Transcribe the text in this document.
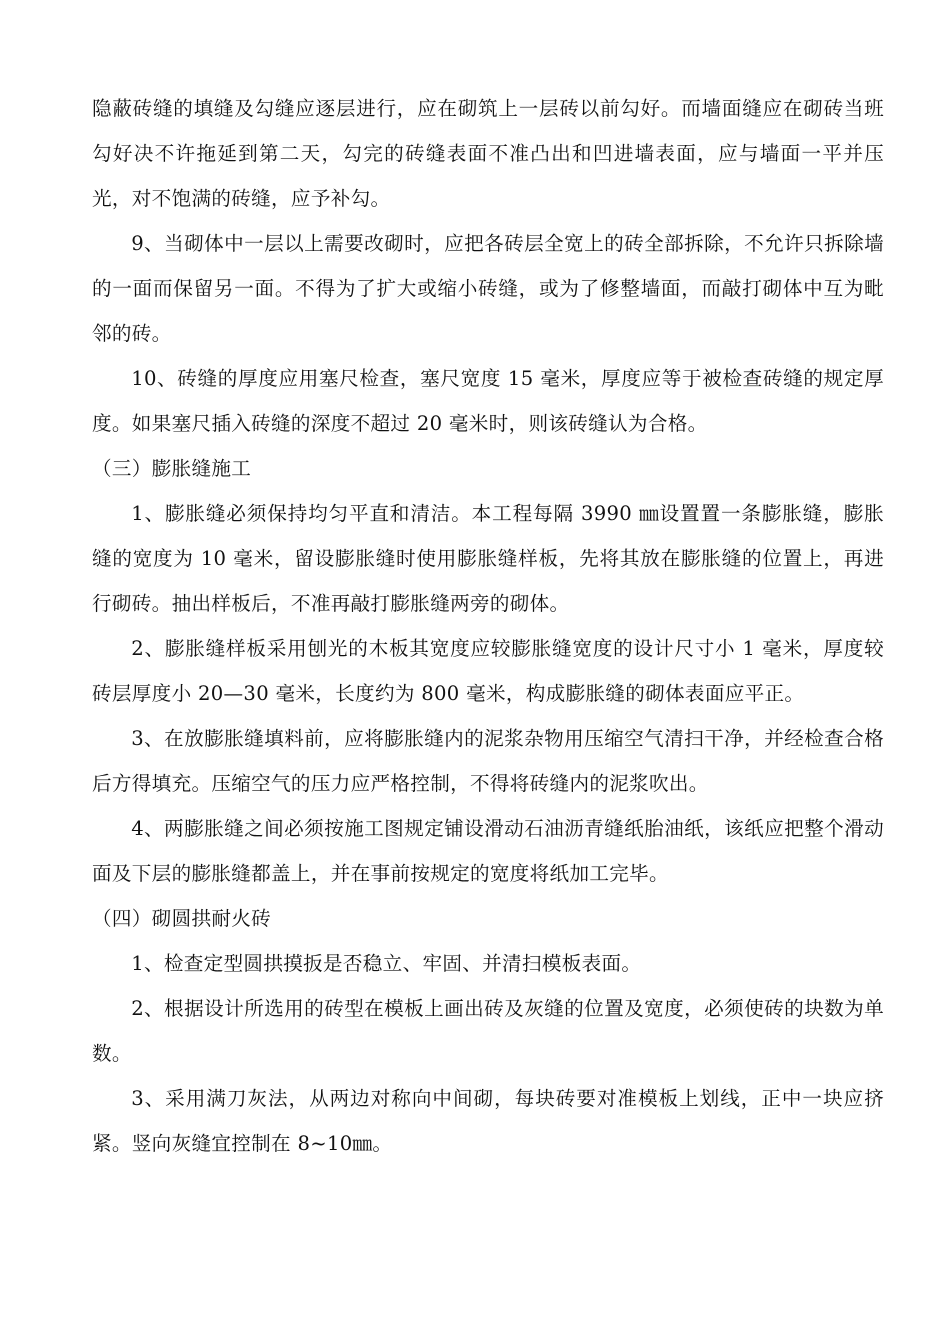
隐蔽砖缝的填缝及勾缝应逐层进行，应在砌筑上一层砖以前勾好。而墙面缝应在砌砖当班勾好决不许拖延到第二天，勾完的砖缝表面不准凸出和凹进墙表面，应与墙面一平并压光，对不饱满的砖缝，应予补勾。

9、当砌体中一层以上需要改砌时，应把各砖层全宽上的砖全部拆除，不允许只拆除墙的一面而保留另一面。不得为了扩大或缩小砖缝，或为了修整墙面，而敲打砌体中互为毗邻的砖。

10、砖缝的厚度应用塞尺检查，塞尺宽度 15 毫米，厚度应等于被检查砖缝的规定厚度。如果塞尺插入砖缝的深度不超过 20 毫米时，则该砖缝认为合格。

（三）膨胀缝施工

1、膨胀缝必须保持均匀平直和清洁。本工程每隔 3990 ㎜设置置一条膨胀缝，膨胀缝的宽度为 10 毫米，留设膨胀缝时使用膨胀缝样板，先将其放在膨胀缝的位置上，再进行砌砖。抽出样板后，不准再敲打膨胀缝两旁的砌体。

2、膨胀缝样板采用刨光的木板其宽度应较膨胀缝宽度的设计尺寸小 1 毫米，厚度较砖层厚度小 20—30 毫米，长度约为 800 毫米，构成膨胀缝的砌体表面应平正。

3、在放膨胀缝填料前，应将膨胀缝内的泥浆杂物用压缩空气清扫干净，并经检查合格后方得填充。压缩空气的压力应严格控制，不得将砖缝内的泥浆吹出。

4、两膨胀缝之间必须按施工图规定铺设滑动石油沥青缝纸胎油纸，该纸应把整个滑动面及下层的膨胀缝都盖上，并在事前按规定的宽度将纸加工完毕。

（四）砌圆拱耐火砖

1、检查定型圆拱摸扳是否稳立、牢固、并清扫模板表面。

2、根据设计所选用的砖型在模板上画出砖及灰缝的位置及宽度，必须使砖的块数为单数。

3、采用满刀灰法，从两边对称向中间砌，每块砖要对准模板上划线，正中一块应挤紧。竖向灰缝宜控制在 8~10㎜。
